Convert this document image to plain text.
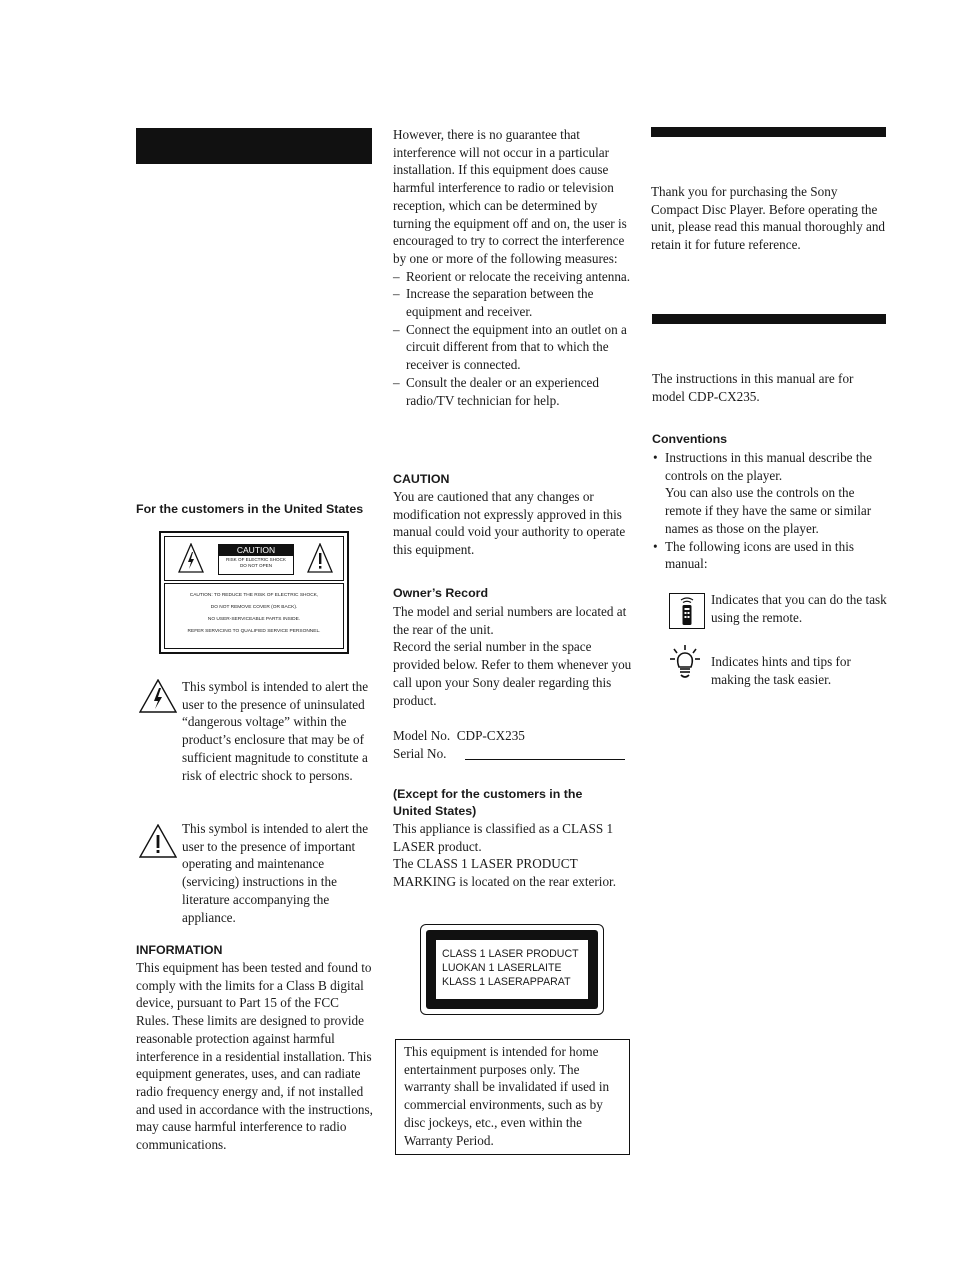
For the customers in the United States
CAUTION
RISK OF ELECTRIC SHOCK
DO NOT OPEN
CAUTION: TO REDUCE THE RISK OF ELECTRIC SHOCK,
DO NOT REMOVE COVER (OR BACK).
NO USER-SERVICEABLE PARTS INSIDE.
REFER SERVICING TO QUALIFIED SERVICE PERSONNEL.

This symbol is intended to alert the user to the presence of uninsulated “dangerous voltage” within the product’s enclosure that may be of sufficient magnitude to constitute a risk of electric shock to persons.

This symbol is intended to alert the user to the presence of important operating and maintenance (servicing) instructions in the literature accompanying the appliance.

INFORMATION

This equipment has been tested and found to comply with the limits for a Class B digital device, pursuant to Part 15 of the FCC Rules. These limits are designed to provide reasonable protection against harmful interference in a residential installation. This equipment generates, uses, and can radiate radio frequency energy and, if not installed and used in accordance with the instructions, may cause harmful interference to radio communications.

However, there is no guarantee that interference will not occur in a particular installation. If this equipment does cause harmful interference to radio or television reception, which can be determined by turning the equipment off and on, the user is encouraged to try to correct the interference by one or more of the following measures:

– Reorient or relocate the receiving antenna.
– Increase the separation between the equipment and receiver.
– Connect the equipment into an outlet on a circuit different from that to which the receiver is connected.
– Consult the dealer or an experienced radio/TV technician for help.
CAUTION

You are cautioned that any changes or modification not expressly approved in this manual could void your authority to operate this equipment.

Owner’s Record

The model and serial numbers are located at the rear of the unit.

Record the serial number in the space provided below. Refer to them whenever you call upon your Sony dealer regarding this product.

Model No. CDP-CX235
Serial No.
(Except for the customers in the United States)

This appliance is classified as a CLASS 1 LASER product.

The CLASS 1 LASER PRODUCT MARKING is located on the rear exterior.

CLASS 1 LASER PRODUCT
LUOKAN 1 LASERLAITE
KLASS 1 LASERAPPARAT

This equipment is intended for home entertainment purposes only. The warranty shall be invalidated if used in commercial environments, such as by disc jockeys, etc., even within the Warranty Period.

Thank you for purchasing the Sony Compact Disc Player. Before operating the unit, please read this manual thoroughly and retain it for future reference.

The instructions in this manual are for model CDP-CX235.

Conventions
• Instructions in this manual describe the controls on the player.
You can also use the controls on the remote if they have the same or similar names as those on the player.
• The following icons are used in this manual:

Indicates that you can do the task using the remote.

Indicates hints and tips for making the task easier.
